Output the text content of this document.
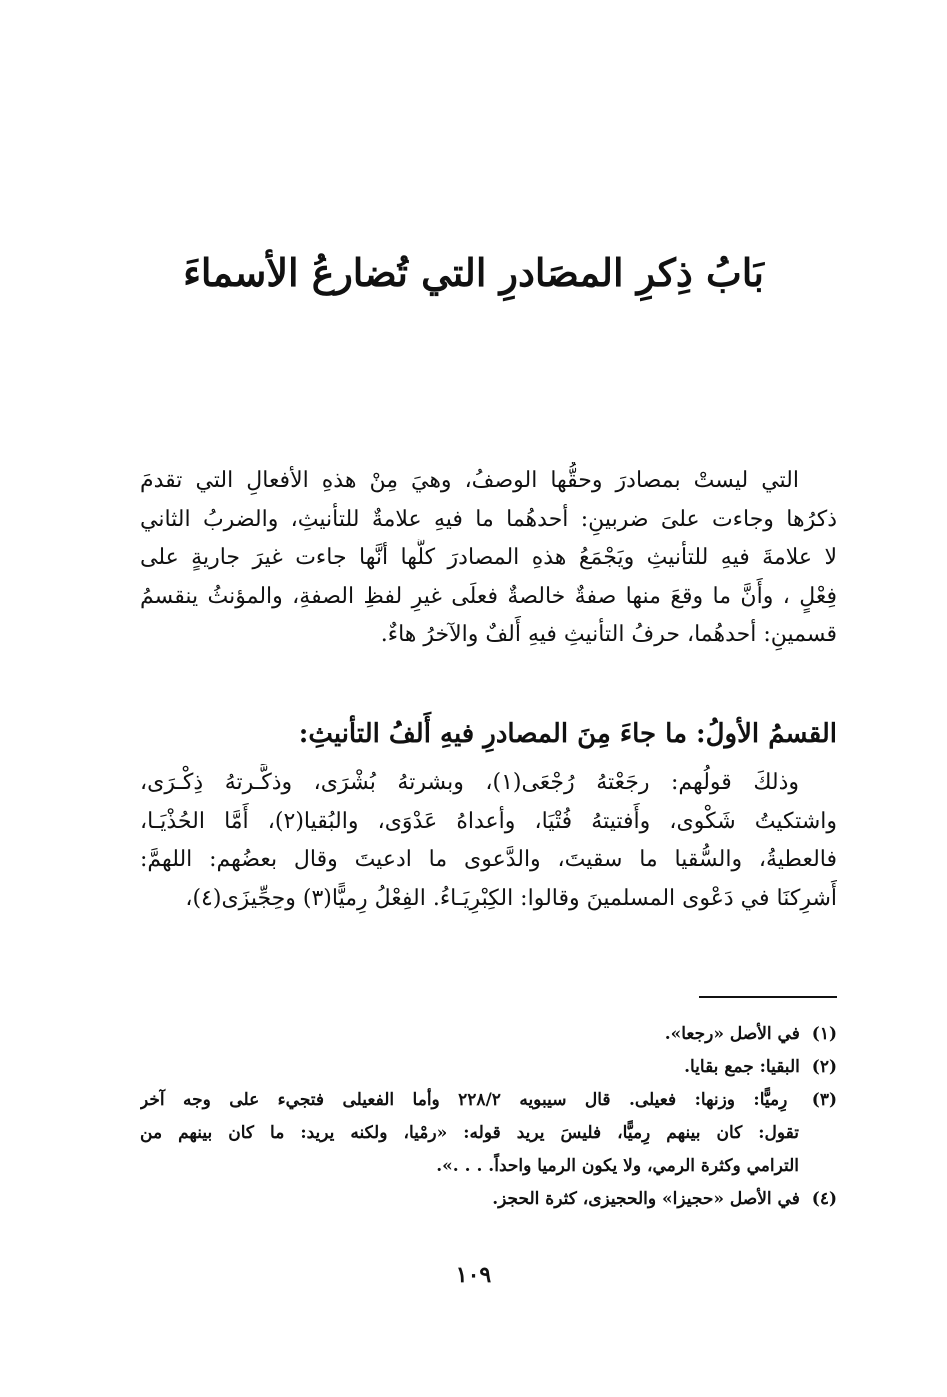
بَابُ ذِكرِ المصَادرِ التي تُضارعُ الأسماءَ
التي ليستْ بمصادرَ وحقُّها الوصفُ، وهيَ مِنْ هذهِ الأفعالِ التي تقدمَ
ذكرُها وجاءت علىَ ضربينِ: أحدهُما ما فيهِ علامةٌ للتأنيثِ، والضربُ الثاني
لا علامةَ فيهِ للتأنيثِ ويَجْمَعُ هذهِ المصادرَ كلَّها أنَّها جاءت غيرَ جاريةٍ على
فِعْلٍ ، وأَنَّ ما وقعَ منها صفةٌ خالصةٌ فعلَى غيرِ لفظِ الصفةِ، والمؤنثُ ينقسمُ
قسمينِ: أحدهُما، حرفُ التأنيثِ فيهِ أَلفٌ والآخرُ هاءٌ.
القسمُ الأولُ: ما جاءَ مِنَ المصادرِ فيهِ أَلفُ التأنيثِ:
وذلكَ قولُهم: رجَعْتهُ رُجْعَى(١)، وبشرتهُ بُشْرَى، وذكَّـرتهُ ذِكْـرَى،
واشتكيتُ شَكْوى، وأَفتيتهُ فُتْيَا، وأعداهُ عَدْوَى، والبُقيا(٢)، أَمَّا الحُذْيَـا،
فالعطيةُ، والسُّقيا ما سقيتَ، والدَّعوى ما ادعيتَ وقال بعضُهم: اللهمَّ:
أَشرِكنَا في دَعْوى المسلمينَ وقالوا: الكِبْرِيَـاءُ. الفِعْلُ رِميًّا(٣) وحِجِّيزَى(٤)،
(١) في الأصل «رجعا».
(٢) البقيا: جمع بقايا.
(٣) رِميًّا: وزنها: فعيلى. قال سيبويه ٢٢٨/٢ وأما الفعيلى فتجيء على وجه آخر
تقول: كان بينهم رِميًّا، فليسَ يريد قوله: «رمْيا، ولكنه يريد: ما كان بينهم من
الترامي وكثرة الرمي، ولا يكون الرميا واحداً. . . .».
(٤) في الأصل «حجيزا» والحجيزى، كثرة الحجز.
١٠٩
